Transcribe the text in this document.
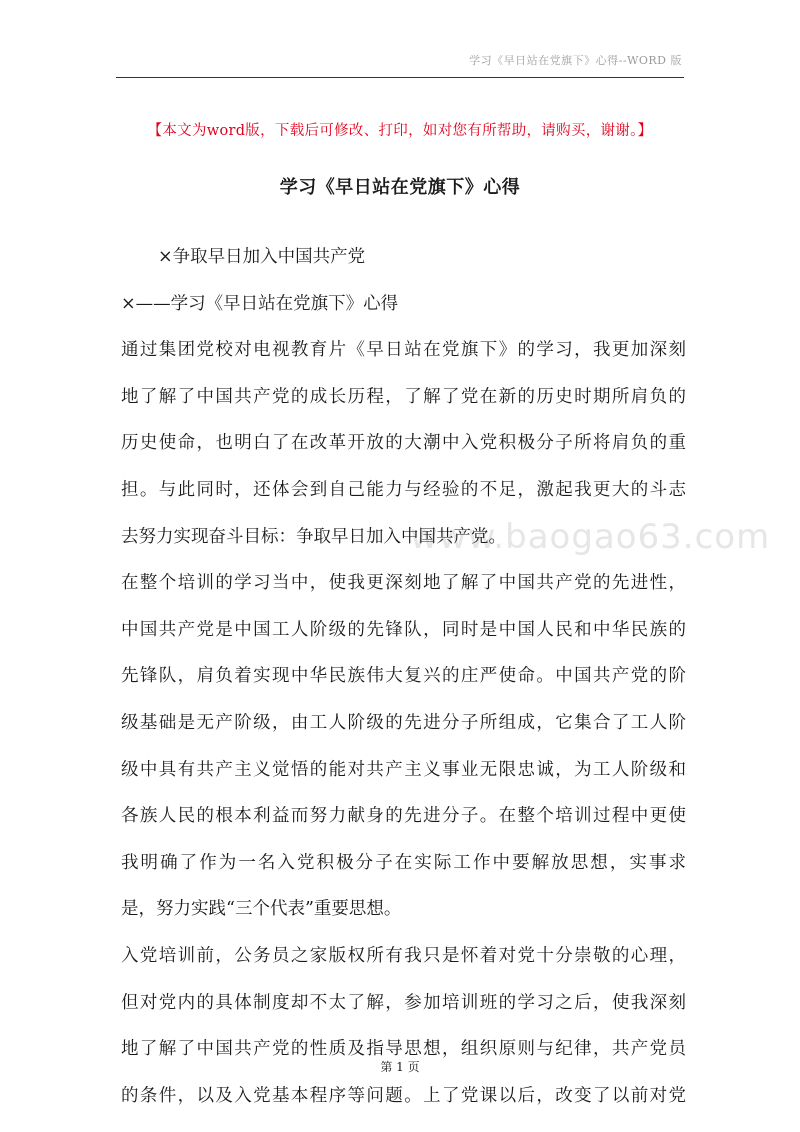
学习《早日站在党旗下》心得--WORD 版
【本文为word版，下载后可修改、打印，如对您有所帮助，请购买，谢谢。】
学习《早日站在党旗下》心得
www.baogao63.com
×争取早日加入中国共产党
×——学习《早日站在党旗下》心得
通过集团党校对电视教育片《早日站在党旗下》的学习，我更加深刻
地了解了中国共产党的成长历程，了解了党在新的历史时期所肩负的
历史使命，也明白了在改革开放的大潮中入党积极分子所将肩负的重
担。与此同时，还体会到自己能力与经验的不足，激起我更大的斗志
去努力实现奋斗目标：争取早日加入中国共产党。
在整个培训的学习当中，使我更深刻地了解了中国共产党的先进性，
中国共产党是中国工人阶级的先锋队，同时是中国人民和中华民族的
先锋队，肩负着实现中华民族伟大复兴的庄严使命。中国共产党的阶
级基础是无产阶级，由工人阶级的先进分子所组成，它集合了工人阶
级中具有共产主义觉悟的能对共产主义事业无限忠诚，为工人阶级和
各族人民的根本利益而努力献身的先进分子。在整个培训过程中更使
我明确了作为一名入党积极分子在实际工作中要解放思想，实事求
是，努力实践“三个代表”重要思想。
入党培训前，公务员之家版权所有我只是怀着对党十分崇敬的心理，
但对党内的具体制度却不太了解，参加培训班的学习之后，使我深刻
地了解了中国共产党的性质及指导思想，组织原则与纪律，共产党员
的条件，以及入党基本程序等问题。上了党课以后，改变了以前对党
第 1 页
